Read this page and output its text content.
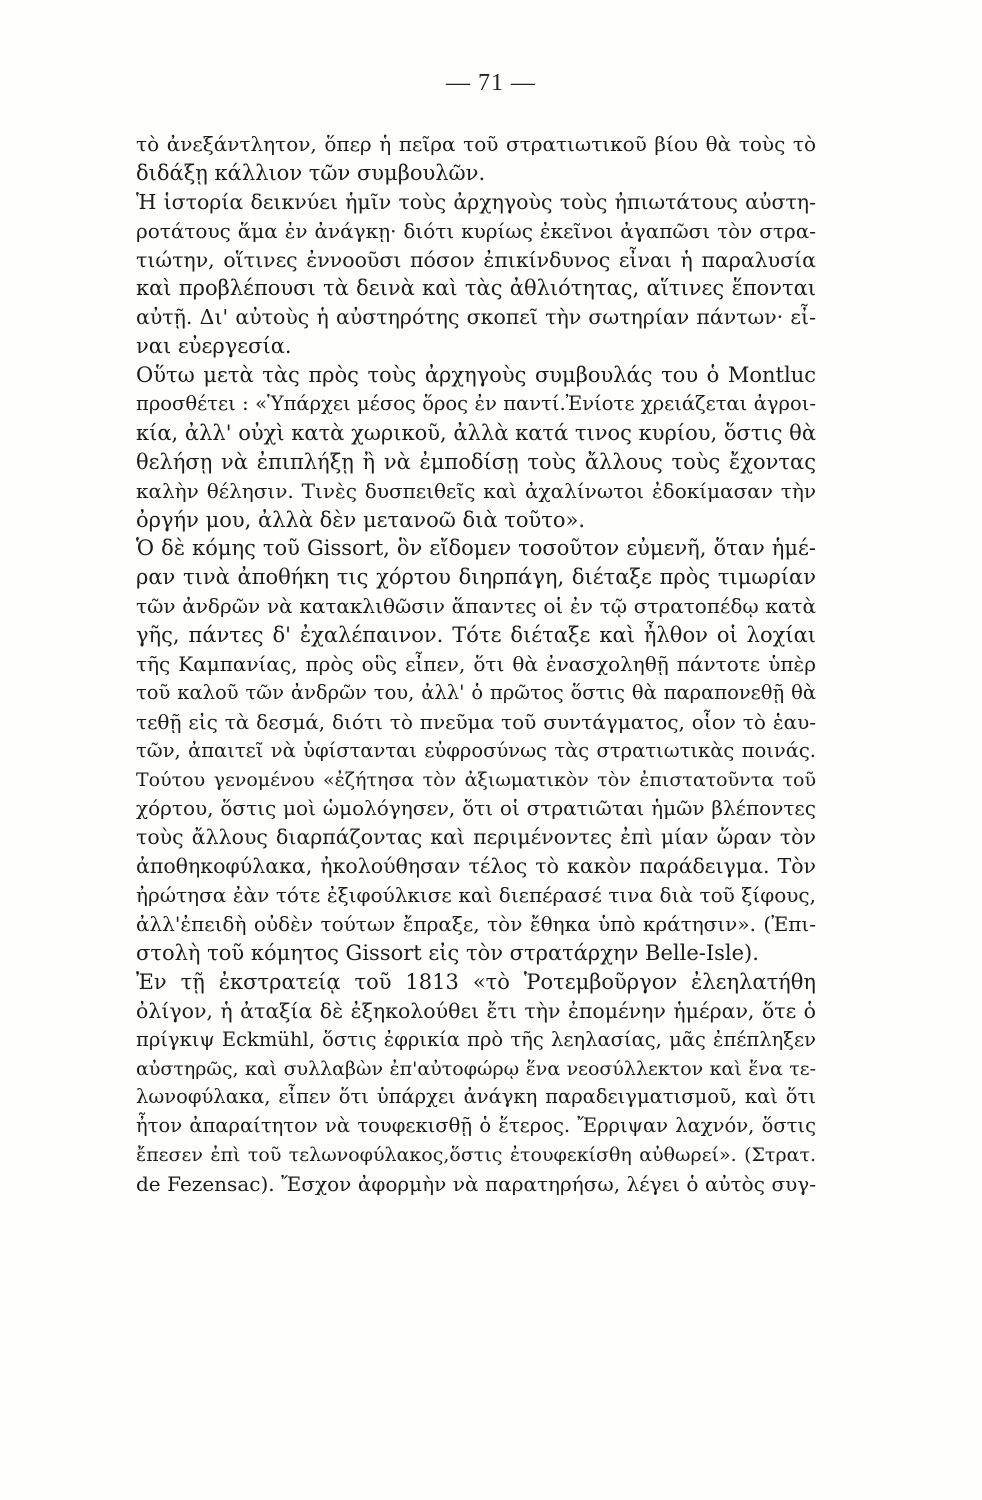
— 71 —
τὸ ἀνεξάντλητον, ὅπερ ἡ πεῖρα τοῦ στρατιωτικοῦ βίου θὰ τοὺς τὸ
διδάξῃ κάλλιον τῶν συμβουλῶν.
Ἡ ἱστορία δεικνύει ἡμῖν τοὺς ἀρχηγοὺς τοὺς ἠπιωτάτους αὐστη-
ροτάτους ἅμα ἐν ἀνάγκῃ· διότι κυρίως ἐκεῖνοι ἀγαπῶσι τὸν στρα-
τιώτην, οἵτινες ἐννοοῦσι πόσον ἐπικίνδυνος εἶναι ἡ παραλυσία
καὶ προβλέπουσι τὰ δεινὰ καὶ τὰς ἀθλιότητας, αἵτινες ἕπονται
αὐτῇ. Δι' αὐτοὺς ἡ αὐστηρότης σκοπεῖ τὴν σωτηρίαν πάντων· εἶ-
ναι εὐεργεσία.
Οὕτω μετὰ τὰς πρὸς τοὺς ἀρχηγοὺς συμβουλάς του ὁ Montluc
προσθέτει : «Ὑπάρχει μέσος ὅρος ἐν παντί.Ἐνίοτε χρειάζεται ἀγροι-
κία, ἀλλ' οὐχὶ κατὰ χωρικοῦ, ἀλλὰ κατά τινος κυρίου, ὅστις θὰ
θελήσῃ νὰ ἐπιπλήξῃ ἢ νὰ ἐμποδίσῃ τοὺς ἄλλους τοὺς ἔχοντας
καλὴν θέλησιν. Τινὲς δυσπειθεῖς καὶ ἀχαλίνωτοι ἐδοκίμασαν τὴν
ὀργήν μου, ἀλλὰ δὲν μετανοῶ διὰ τοῦτο».
Ὁ δὲ κόμης τοῦ Gissort, ὃν εἴδομεν τοσοῦτον εὐμενῆ, ὅταν ἡμέ-
ραν τινὰ ἀποθήκη τις χόρτου διηρπάγη, διέταξε πρὸς τιμωρίαν
τῶν ἀνδρῶν νὰ κατακλιθῶσιν ἅπαντες οἱ ἐν τῷ στρατοπέδῳ κατὰ
γῆς, πάντες δ' ἐχαλέπαινον. Τότε διέταξε καὶ ἦλθον οἱ λοχίαι
τῆς Καμπανίας, πρὸς οὓς εἶπεν, ὅτι θὰ ἐνασχοληθῇ πάντοτε ὑπὲρ
τοῦ καλοῦ τῶν ἀνδρῶν του, ἀλλ' ὁ πρῶτος ὅστις θὰ παραπονεθῇ θὰ
τεθῇ εἰς τὰ δεσμά, διότι τὸ πνεῦμα τοῦ συντάγματος, οἷον τὸ ἑαυ-
τῶν, ἀπαιτεῖ νὰ ὑφίστανται εὐφροσύνως τὰς στρατιωτικὰς ποινάς.
Τούτου γενομένου «ἐζήτησα τὸν ἀξιωματικὸν τὸν ἐπιστατοῦντα τοῦ
χόρτου, ὅστις μοὶ ὡμολόγησεν, ὅτι οἱ στρατιῶται ἡμῶν βλέποντες
τοὺς ἄλλους διαρπάζοντας καὶ περιμένοντες ἐπὶ μίαν ὥραν τὸν
ἀποθηκοφύλακα, ἠκολούθησαν τέλος τὸ κακὸν παράδειγμα. Τὸν
ἠρώτησα ἐὰν τότε ἐξιφούλκισε καὶ διεπέρασέ τινα διὰ τοῦ ξίφους,
ἀλλ'ἐπειδὴ οὐδὲν τούτων ἔπραξε, τὸν ἔθηκα ὑπὸ κράτησιν». (Ἐπι-
στολὴ τοῦ κόμητος Gissort εἰς τὸν στρατάρχην Belle-Isle).
Ἐν τῇ ἐκστρατείᾳ τοῦ 1813 «τὸ Ῥοτεμβοῦργον ἐλεηλατήθη
ὀλίγον, ἡ ἀταξία δὲ ἐξηκολούθει ἔτι τὴν ἐπομένην ἡμέραν, ὅτε ὁ
πρίγκιψ Eckmühl, ὅστις ἐφρικία πρὸ τῆς λεηλασίας, μᾶς ἐπέπληξεν
αὐστηρῶς, καὶ συλλαβὼν ἐπ'αὐτοφώρῳ ἕνα νεοσύλλεκτον καὶ ἕνα τε-
λωνοφύλακα, εἶπεν ὅτι ὑπάρχει ἀνάγκη παραδειγματισμοῦ, καὶ ὅτι
ἦτον ἀπαραίτητον νὰ τουφεκισθῇ ὁ ἕτερος. Ἔρριψαν λαχνόν, ὅστις
ἔπεσεν ἐπὶ τοῦ τελωνοφύλακος,ὅστις ἐτουφεκίσθη αὐθωρεί». (Στρατ.
de Fezensac). Ἔσχον ἀφορμὴν νὰ παρατηρήσω, λέγει ὁ αὐτὸς συγ-
